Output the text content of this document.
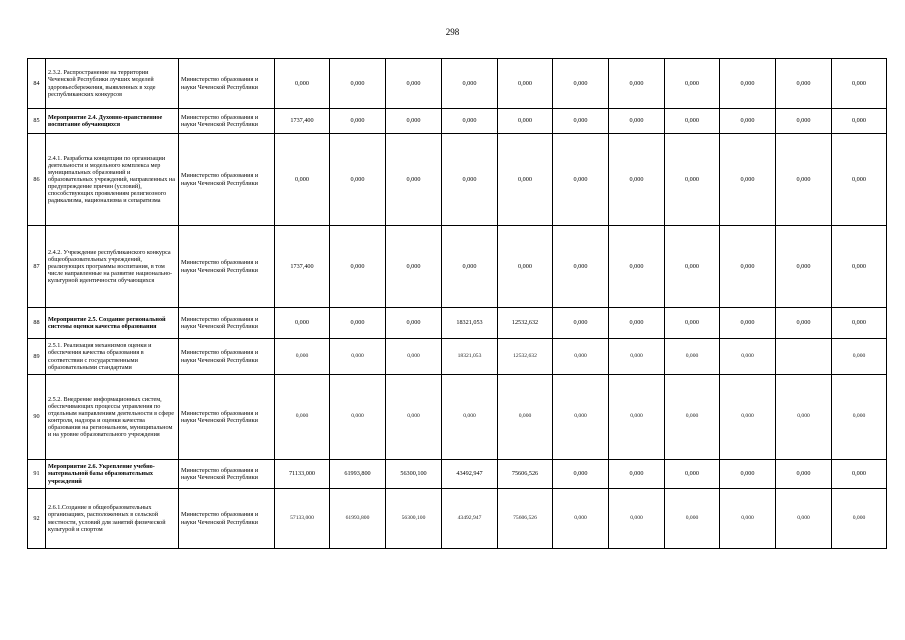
298
84	2.3.2. Распространение на территории Чеченской Республики лучших моделей здоровьесбережения, выявленных в ходе республиканских конкурсов	Министерство образования и науки Чеченской Республики	0,000	0,000	0,000	0,000	0,000	0,000	0,000	0,000	0,000	0,000	0,000
85	Мероприятие 2.4. Духовно-нравственное воспитание обучающихся	Министерство образования и науки Чеченской Республики	1737,400	0,000	0,000	0,000	0,000	0,000	0,000	0,000	0,000	0,000	0,000
86	2.4.1. Разработка концепции по организации деятельности и модельного комплекса мер муниципальных образований и образовательных учреждений, направленных на предупреждение причин (условий), способствующих проявлениям религиозного радикализма, национализма и сепаратизма	Министерство образования и науки Чеченской Республики	0,000	0,000	0,000	0,000	0,000	0,000	0,000	0,000	0,000	0,000	0,000
87	2.4.2. Учреждение республиканского конкурса общеобразовательных учреждений, реализующих программы воспитания, в том числе направленные на развитие национально-культурной идентичности обучающихся	Министерство образования и науки Чеченской Республики	1737,400	0,000	0,000	0,000	0,000	0,000	0,000	0,000	0,000	0,000	0,000
88	Мероприятие 2.5. Создание региональной системы оценки качества образования	Министерство образования и науки Чеченской Республики	0,000	0,000	0,000	18321,053	12532,632	0,000	0,000	0,000	0,000	0,000	0,000
89	2.5.1. Реализация механизмов оценки и обеспечения качества образования в соответствии с государственными образовательными стандартами	Министерство образования и науки Чеченской Республики	0,000	0,000	0,000	18321,053	12532,632	0,000	0,000	0,000	0,000		0,000
90	2.5.2. Внедрение информационных систем, обеспечивающих процессы управления по отдельным направлениям деятельности в сфере контроля, надзора и оценки качества образования на региональном, муниципальном и на уровне образовательного учреждения	Министерство образования и науки Чеченской Республики	0,000	0,000	0,000	0,000	0,000	0,000	0,000	0,000	0,000	0,000	0,000
91	Мероприятие 2.6. Укрепление учебно-материальной базы образовательных учреждений	Министерство образования и науки Чеченской Республики	71133,000	61993,800	56300,100	43492,947	75606,526	0,000	0,000	0,000	0,000	0,000	0,000
92	2.6.1.Создание в общеобразовательных организациях, расположенных в сельской местности, условий для занятий физической культурой и спортом	Министерство образования и науки Чеченской Республики	57133,000	61993,800	56300,100	43492,947	75606,526	0,000	0,000	0,000	0,000	0,000	0,000
